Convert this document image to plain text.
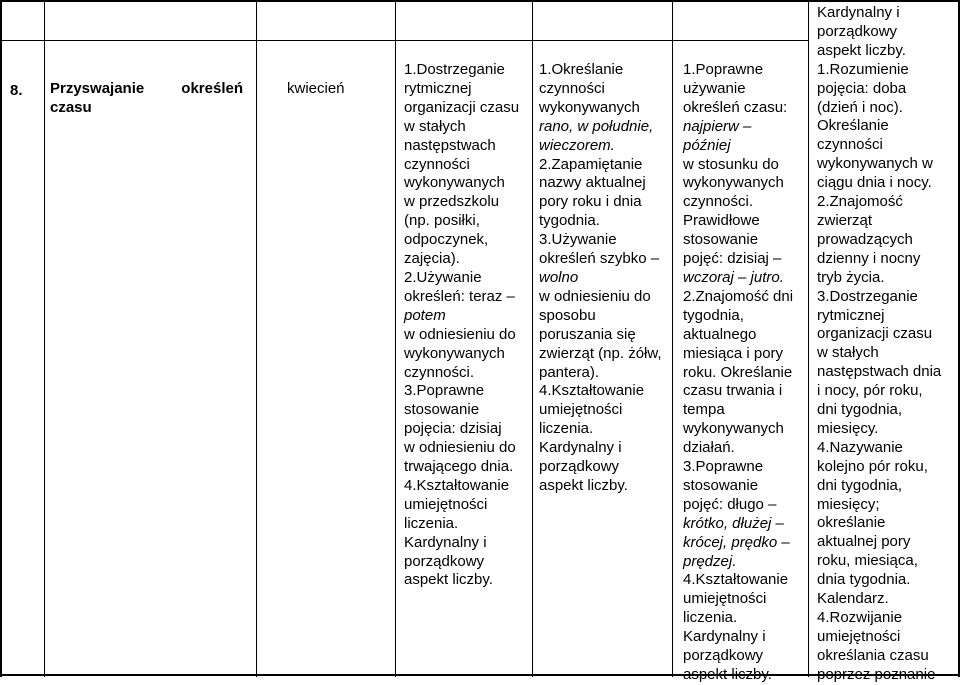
8. Przyswajanie określeń
czasu
kwiecień
1.Dostrzeganie
rytmicznej
organizacji czasu
w stałych
następstwach
czynności
wykonywanych
w przedszkolu
(np. posiłki,
odpoczynek,
zajęcia).
2.Używanie
określeń: teraz –
potem
w odniesieniu do
wykonywanych
czynności.
3.Poprawne
stosowanie
pojęcia: dzisiaj
w odniesieniu do
trwającego dnia.
4.Kształtowanie
umiejętności
liczenia.
Kardynalny i
porządkowy
aspekt liczby.
1.Określanie
czynności
wykonywanych
rano, w południe,
wieczorem.
2.Zapamiętanie
nazwy aktualnej
pory roku i dnia
tygodnia.
3.Używanie
określeń szybko –
wolno
w odniesieniu do
sposobu
poruszania się
zwierząt (np. żółw,
pantera).
4.Kształtowanie
umiejętności
liczenia.
Kardynalny i
porządkowy
aspekt liczby.
1.Poprawne
używanie
określeń czasu:
najpierw –
później
w stosunku do
wykonywanych
czynności.
Prawidłowe
stosowanie
pojęć: dzisiaj –
wczoraj – jutro.
2.Znajomość dni
tygodnia,
aktualnego
miesiąca i pory
roku. Określanie
czasu trwania i
tempa
wykonywanych
działań.
3.Poprawne
stosowanie
pojęć: długo –
krótko, dłużej –
krócej, prędko –
prędzej.
4.Kształtowanie
umiejętności
liczenia.
Kardynalny i
porządkowy
aspekt liczby.
Kardynalny i
porządkowy
aspekt liczby.
1.Rozumienie
pojęcia: doba
(dzień i noc).
Określanie
czynności
wykonywanych w
ciągu dnia i nocy.
2.Znajomość
zwierząt
prowadzących
dzienny i nocny
tryb życia.
3.Dostrzeganie
rytmicznej
organizacji czasu
w stałych
następstwach dnia
i nocy, pór roku,
dni tygodnia,
miesięcy.
4.Nazywanie
kolejno pór roku,
dni tygodnia,
miesięcy;
określanie
aktualnej pory
roku, miesiąca,
dnia tygodnia.
Kalendarz.
4.Rozwijanie
umiejętności
określania czasu
poprzez poznanie
